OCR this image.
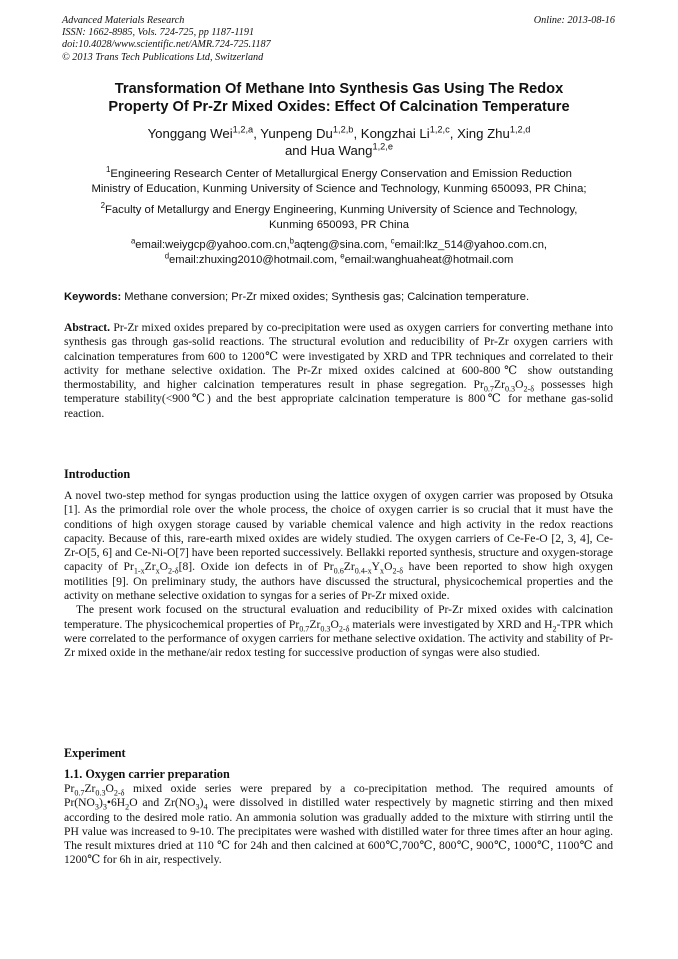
Advanced Materials Research
ISSN: 1662-8985, Vols. 724-725, pp 1187-1191
doi:10.4028/www.scientific.net/AMR.724-725.1187
© 2013 Trans Tech Publications Ltd, Switzerland
Online: 2013-08-16
Transformation Of Methane Into Synthesis Gas Using The Redox
Property Of Pr-Zr Mixed Oxides: Effect Of Calcination Temperature
Yonggang Wei$^{1,2,a}$, Yunpeng Du$^{1,2,b}$, Kongzhai Li$^{1,2,c}$, Xing Zhu$^{1,2,d}$
and Hua Wang$^{1,2,e}$
$^1$Engineering Research Center of Metallurgical Energy Conservation and Emission Reduction
Ministry of Education, Kunming University of Science and Technology, Kunming 650093, PR China;
$^2$Faculty of Metallurgy and Energy Engineering, Kunming University of Science and Technology,
Kunming 650093, PR China
$^a$email:weiygcp@yahoo.com.cn,$^b$aqteng@sina.com, $^c$email:lkz_514@yahoo.com.cn,
$^d$email:zhuxing2010@hotmail.com, $^e$email:wanghuaheat@hotmail.com
Keywords: Methane conversion; Pr-Zr mixed oxides; Synthesis gas; Calcination temperature.
Abstract. Pr-Zr mixed oxides prepared by co-precipitation were used as oxygen carriers for converting methane into synthesis gas through gas-solid reactions. The structural evolution and reducibility of Pr-Zr oxygen carriers with calcination temperatures from 600 to 1200℃ were investigated by XRD and TPR techniques and correlated to their activity for methane selective oxidation. The Pr-Zr mixed oxides calcined at 600-800℃ show outstanding thermostability, and higher calcination temperatures result in phase segregation. $Pr_{0.7}Zr_{0.3}O_{2-\delta}$ possesses high temperature stability(<900℃) and the best appropriate calcination temperature is 800℃ for methane gas-solid reaction.
Introduction

A novel two-step method for syngas production using the lattice oxygen of oxygen carrier was proposed by Otsuka [1]. As the primordial role over the whole process, the choice of oxygen carrier is so crucial that it must have the conditions of high oxygen storage caused by variable chemical valence and high activity in the redox reactions capacity. Because of this, rare-earth mixed oxides are widely studied. The oxygen carriers of Ce-Fe-O [2, 3, 4], Ce-Zr-O[5, 6] and Ce-Ni-O[7] have been reported successively. Bellakki reported synthesis, structure and oxygen-storage capacity of $Pr_{1-x}Zr_xO_{2-\delta}[8]$. Oxide ion defects in of $Pr_{0.6}Zr_{0.4-x}Y_xO_{2-\delta}$ have been reported to show high oxygen motilities [9]. On preliminary study, the authors have discussed the structural, physicochemical properties and the activity on methane selective oxidation to syngas for a series of Pr-Zr mixed oxide.

The present work focused on the structural evaluation and reducibility of Pr-Zr mixed oxides with calcination temperature. The physicochemical properties of $Pr_{0.7}Zr_{0.3}O_{2-\delta}$ materials were investigated by XRD and $H_2$-TPR which were correlated to the performance of oxygen carriers for methane selective oxidation. The activity and stability of Pr-Zr mixed oxide in the methane/air redox testing for successive production of syngas were also studied.

Experiment
1.1. Oxygen carrier preparation
$Pr_{0.7}Zr_{0.3}O_{2-\delta}$ mixed oxide series were prepared by a co-precipitation method. The required amounts of $Pr(NO_3)_3•6H_2O$ and $Zr(NO_3)_4$ were dissolved in distilled water respectively by magnetic stirring and then mixed according to the desired mole ratio. An ammonia solution was gradually added to the mixture with stirring until the PH value was increased to 9-10. The precipitates were washed with distilled water for three times after an hour aging. The result mixtures dried at 110 ℃ for 24h and then calcined at 600℃,700℃, 800℃, 900℃, 1000℃, 1100℃ and 1200℃ for 6h in air, respectively.
